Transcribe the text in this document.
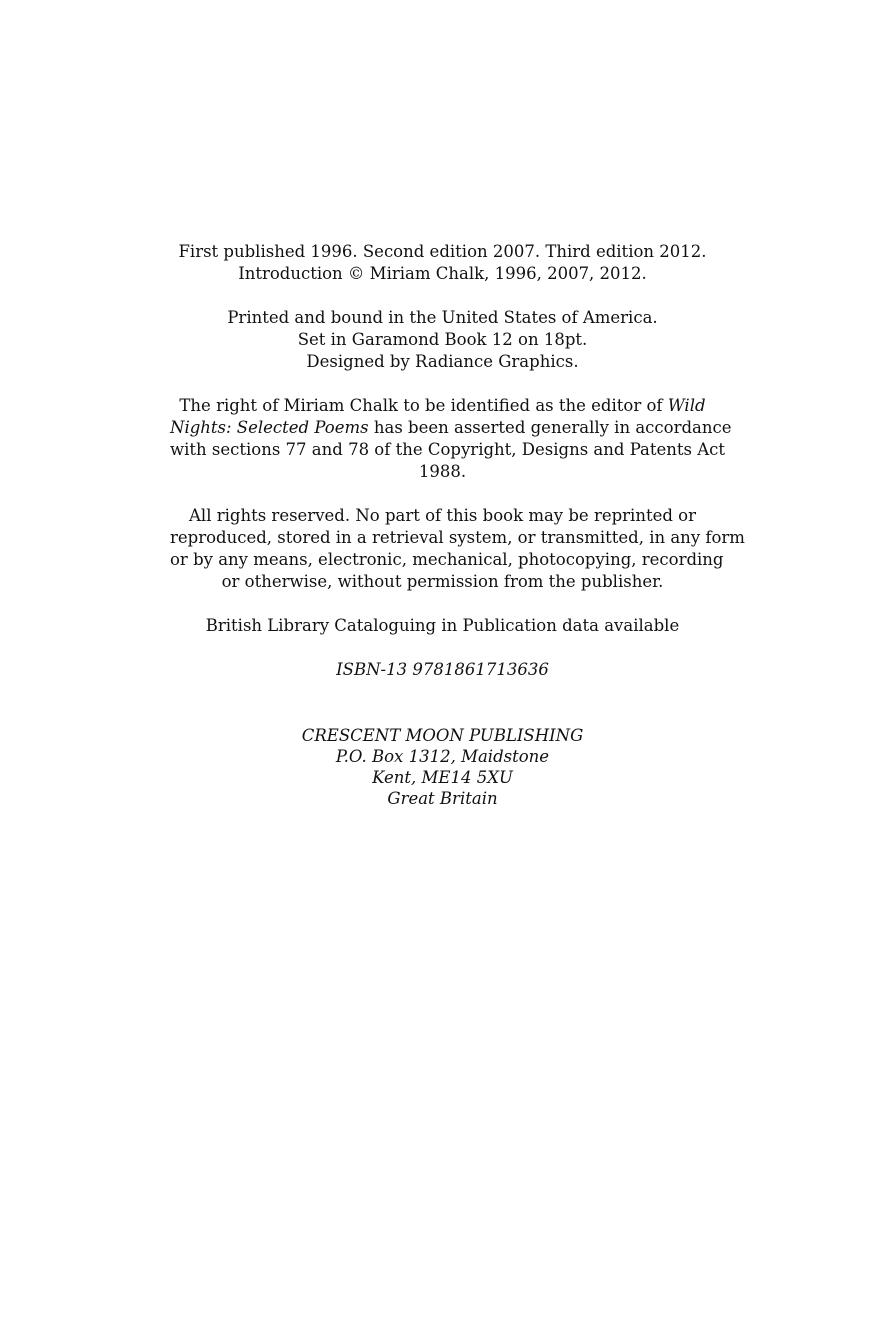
First published 1996. Second edition 2007. Third edition 2012.
Introduction © Miriam Chalk, 1996, 2007, 2012.

Printed and bound in the United States of America.
Set in Garamond Book 12 on 18pt.
Designed by Radiance Graphics.

The right of Miriam Chalk to be identified as the editor of Wild
Nights: Selected Poems has been asserted generally in accordance
with sections 77 and 78 of the Copyright, Designs and Patents Act
1988.

All rights reserved. No part of this book may be reprinted or
reproduced, stored in a retrieval system, or transmitted, in any form
or by any means, electronic, mechanical, photocopying, recording
or otherwise, without permission from the publisher.

British Library Cataloguing in Publication data available

ISBN-13 9781861713636

CRESCENT MOON PUBLISHING
P.O. Box 1312, Maidstone
Kent, ME14 5XU
Great Britain
